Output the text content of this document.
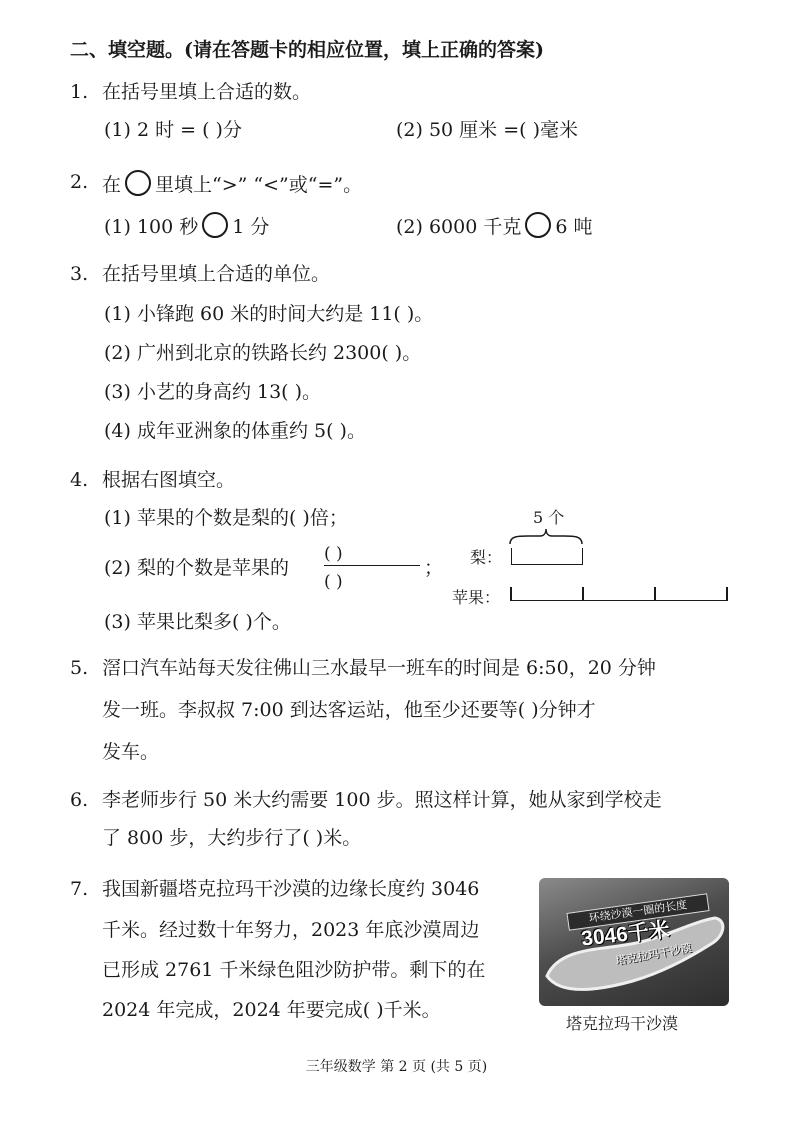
二、填空题。(请在答题卡的相应位置，填上正确的答案)
1. 在括号里填上合适的数。
(1) 2 时 = ( )分	(2) 50 厘米 =( )毫米
2. 在 里填上“>” “<”或“=”。
(1) 100 秒 1 分	(2) 6000 千克 6 吨
3. 在括号里填上合适的单位。
(1) 小锋跑 60 米的时间大约是 11( )。
(2) 广州到北京的铁路长约 2300( )。
(3) 小艺的身高约 13( )。
(4) 成年亚洲象的体重约 5( )。
4. 根据右图填空。
(1) 苹果的个数是梨的( )倍；
(2) 梨的个数是苹果的
( )
( )
；
(3) 苹果比梨多( )个。
5 个
梨：
苹果：
5. 滘口汽车站每天发往佛山三水最早一班车的时间是 6:50，20 分钟
发一班。李叔叔 7:00 到达客运站，他至少还要等( )分钟才
发车。
6. 李老师步行 50 米大约需要 100 步。照这样计算，她从家到学校走
了 800 步，大约步行了( )米。
7. 我国新疆塔克拉玛干沙漠的边缘长度约 3046
千米。经过数十年努力，2023 年底沙漠周边
已形成 2761 千米绿色阻沙防护带。剩下的在
2024 年完成，2024 年要完成( )千米。
环绕沙漠一圈的长度
3046千米
塔克拉玛干沙漠
塔克拉玛干沙漠
三年级数学 第 2 页 (共 5 页)
